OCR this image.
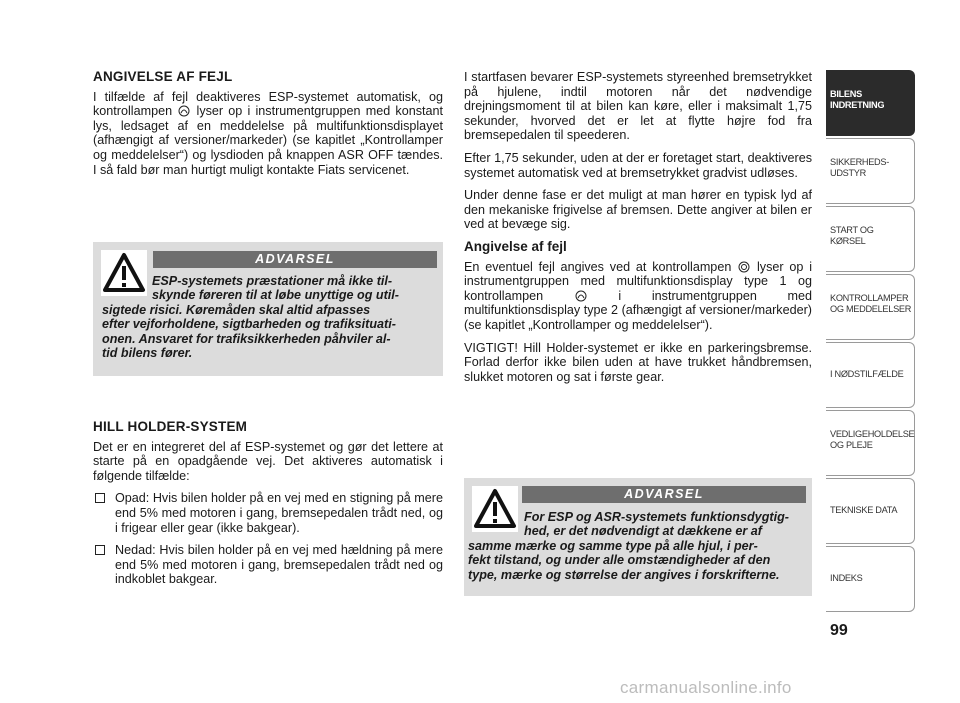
ANGIVELSE AF FEJL

I tilfælde af fejl deaktiveres ESP-systemet automatisk, og kontrollampen lyser op i instrumentgruppen med konstant lys, ledsaget af en meddelelse på multifunktionsdisplayet (afhængigt af versioner/markeder) (se kapitlet „Kontrollamper og meddelelser“) og lysdioden på knappen ASR OFF tændes. I så fald bør man hurtigt muligt kontakte Fiats servicenet.

ADVARSEL
ESP-systemets præstationer må ikke til-
skynde føreren til at løbe unyttige og util-
sigtede risici. Køremåden skal altid afpasses
efter vejforholdene, sigtbarheden og trafiksituati-
onen. Ansvaret for trafiksikkerheden påhviler al-
tid bilens fører.
HILL HOLDER-SYSTEM

Det er en integreret del af ESP-systemet og gør det lettere at starte på en opadgående vej. Det aktiveres automatisk i følgende tilfælde:

Opad: Hvis bilen holder på en vej med en stigning på mere end 5% med motoren i gang, bremsepedalen trådt ned, og i frigear eller gear (ikke bakgear).
Nedad: Hvis bilen holder på en vej med hældning på mere end 5% med motoren i gang, bremsepedalen trådt ned og indkoblet bakgear.

I startfasen bevarer ESP-systemets styreenhed bremsetrykket på hjulene, indtil motoren når det nødvendige drejningsmoment til at bilen kan køre, eller i maksimalt 1,75 sekunder, hvorved det er let at flytte højre fod fra bremsepedalen til speederen.

Efter 1,75 sekunder, uden at der er foretaget start, deaktiveres systemet automatisk ved at bremsetrykket gradvist udløses.

Under denne fase er det muligt at man hører en typisk lyd af den mekaniske frigivelse af bremsen. Dette angiver at bilen er ved at bevæge sig.

Angivelse af fejl

En eventuel fejl angives ved at kontrollampen lyser op i instrumentgruppen med multifunktionsdisplay type 1 og kontrollampen	i instrumentgruppen med multifunktionsdisplay type 2 (afhængigt af versioner/markeder) (se kapitlet „Kontrollamper og meddelelser“).

VIGTIGT! Hill Holder-systemet er ikke en parkeringsbremse. Forlad derfor ikke bilen uden at have trukket håndbremsen, slukket motoren og sat i første gear.

ADVARSEL
For ESP og ASR-systemets funktionsdygtig-
hed, er det nødvendigt at dækkene er af
samme mærke og samme type på alle hjul, i per-
fekt tilstand, og under alle omstændigheder af den
type, mærke og størrelse der angives i forskrifterne.
BILENS INDRETNING
SIKKERHEDS-UDSTYR
START OG KØRSEL
KONTROLLAMPER OG MEDDELELSER
I NØDSTILFÆLDE
VEDLIGEHOLDELSE OG PLEJE
TEKNISKE DATA
INDEKS
99
carmanualsonline.info
